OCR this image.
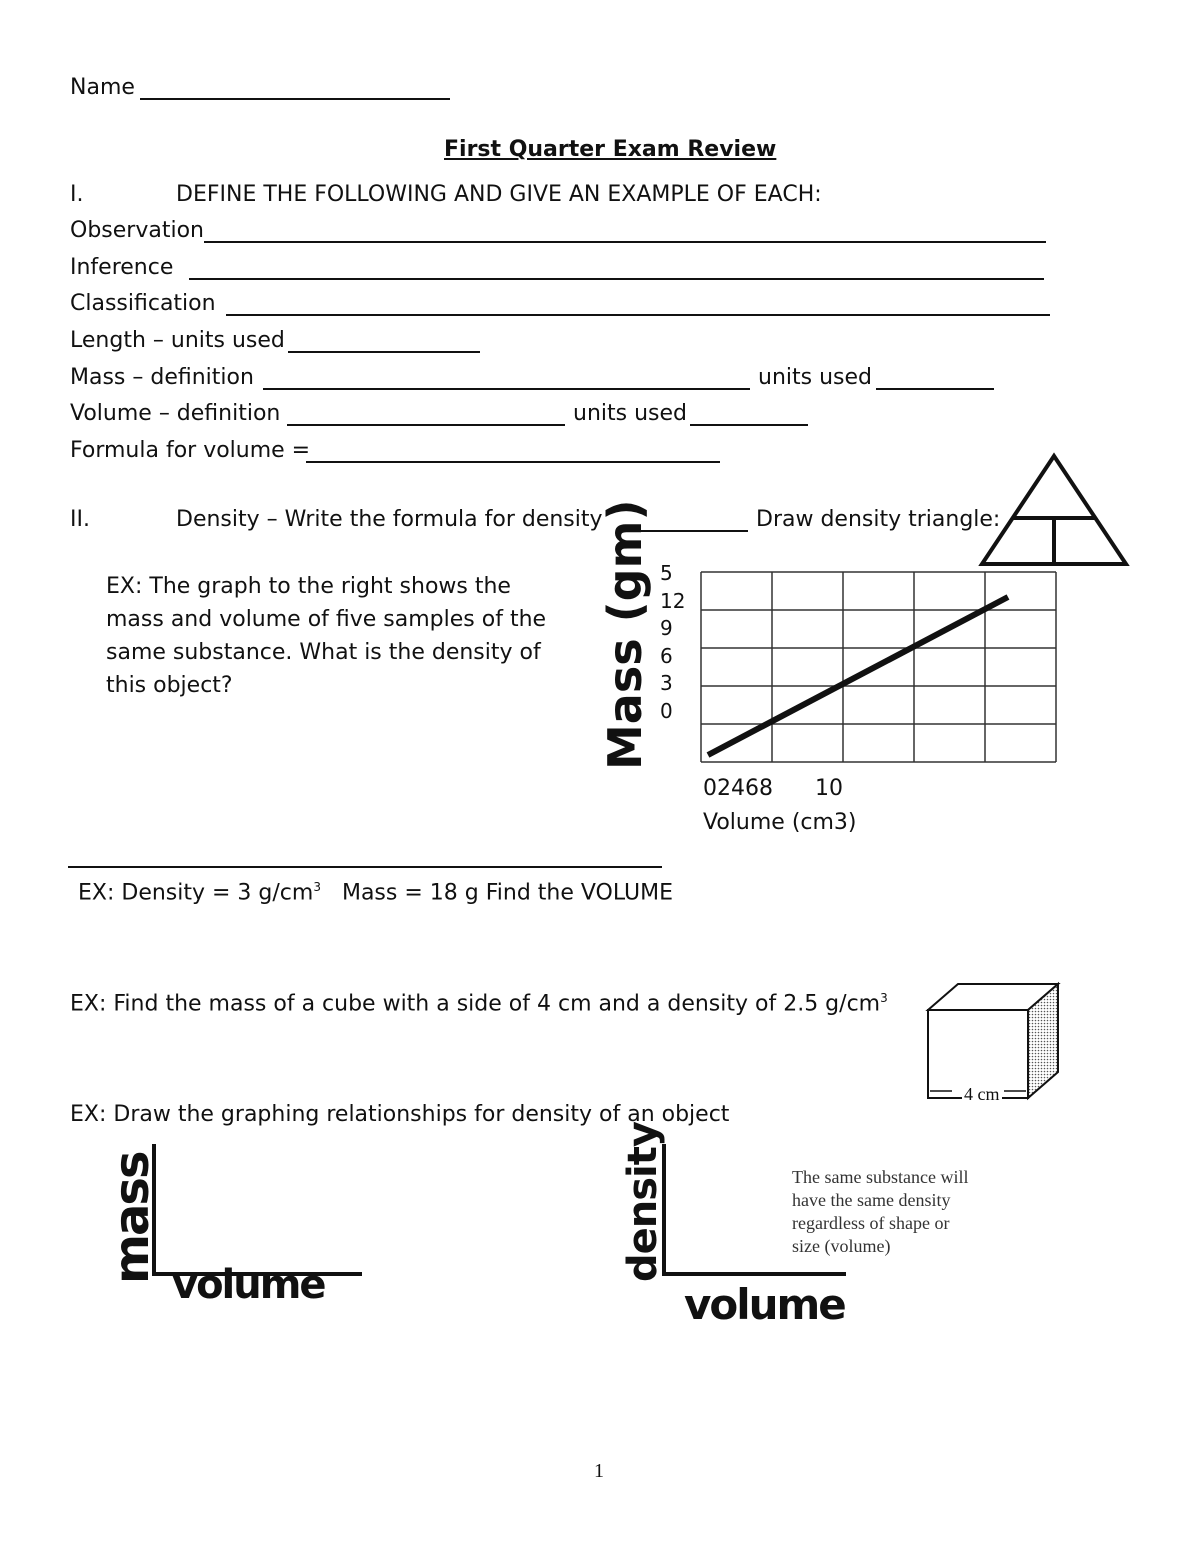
Name
First Quarter Exam Review
I.	DEFINE THE FOLLOWING AND GIVE AN EXAMPLE OF EACH:
Observation
Inference
Classification
Length – units used
Mass – definition	units used
Volume – definition	units used
Formula for volume =
II.	Density – Write the formula for density	Draw density triangle:
EX: The graph to the right shows the
mass and volume of five samples of the
same substance. What is the density of
this object?	Mass (gm) 5
12
9
6
3
0
02468 10
Volume (cm3)
EX: Density = 3 $g/cm^3$ Mass = 18 g Find the VOLUME
EX: Find the mass of a cube with a side of 4 cm and a density of 2.5 $g/cm^3$
4 cm
EX: Draw the graphing relationships for density of an object
mass
volume
density
volume
The same substance will
have the same density
regardless of shape or
size (volume)
1
